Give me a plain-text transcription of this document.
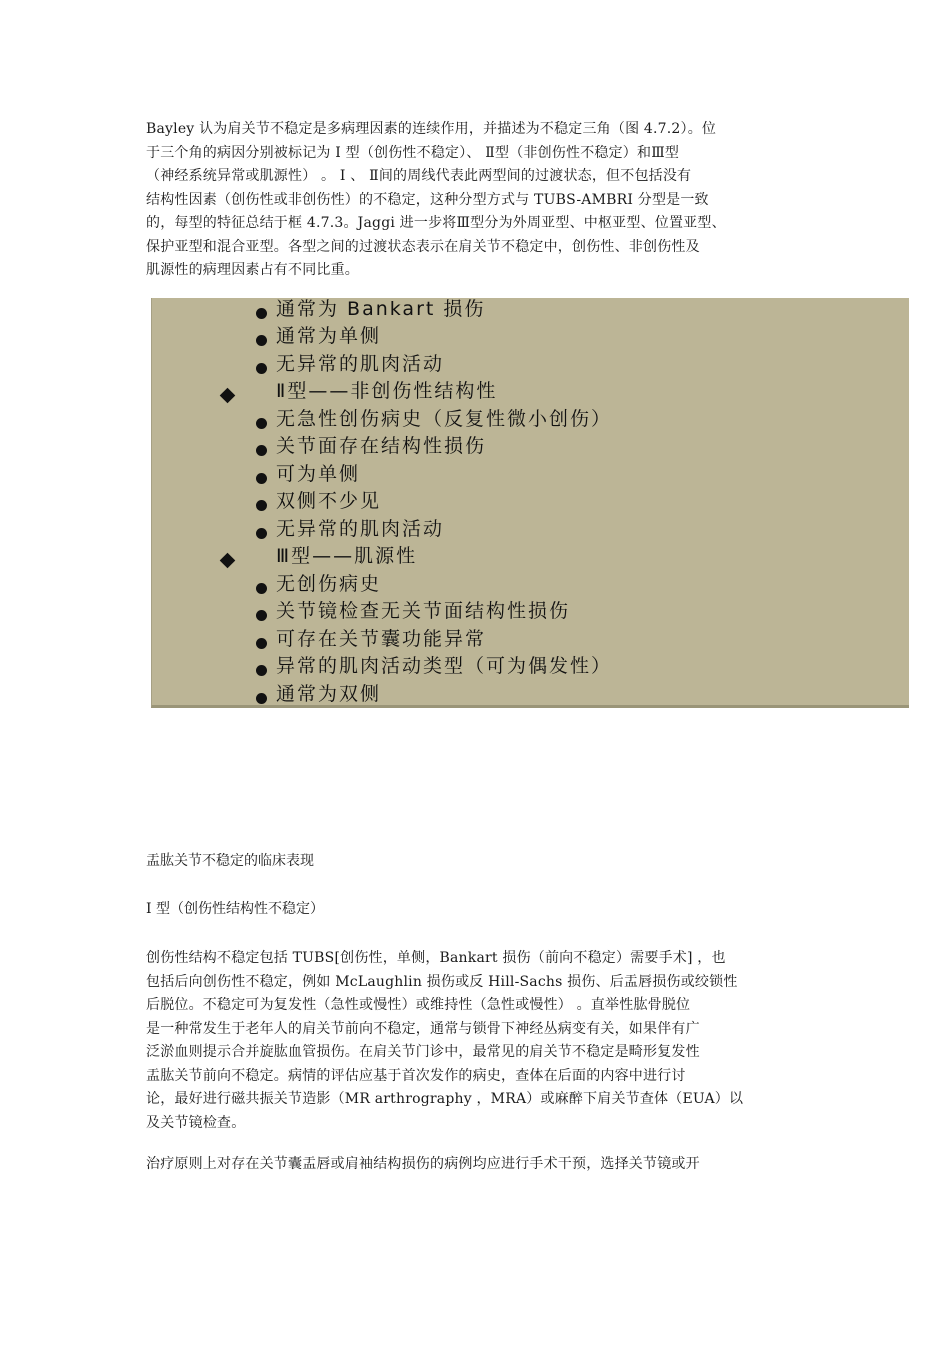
Bayley 认为肩关节不稳定是多病理因素的连续作用，并描述为不稳定三角（图 4.7.2）。位
于三个角的病因分别被标记为 Ⅰ 型（创伤性不稳定）、 Ⅱ型（非创伤性不稳定）和Ⅲ型
（神经系统异常或肌源性） 。 Ⅰ 、 Ⅱ间的周线代表此两型间的过渡状态，但不包括没有
结构性因素（创伤性或非创伤性）的不稳定，这种分型方式与 TUBS-AMBRI 分型是一致
的，每型的特征总结于框 4.7.3。Jaggi 进一步将Ⅲ型分为外周亚型、中枢亚型、位置亚型、
保护亚型和混合亚型。各型之间的过渡状态表示在肩关节不稳定中，创伤性、非创伤性及
肌源性的病理因素占有不同比重。
通常为 Bankart 损伤
通常为单侧
无异常的肌肉活动
Ⅱ型——非创伤性结构性
无急性创伤病史（反复性微小创伤）
关节面存在结构性损伤
可为单侧
双侧不少见
无异常的肌肉活动
Ⅲ型——肌源性
无创伤病史
关节镜检查无关节面结构性损伤
可存在关节囊功能异常
异常的肌肉活动类型（可为偶发性）
通常为双侧
盂肱关节不稳定的临床表现
Ⅰ 型（创伤性结构性不稳定）
创伤性结构不稳定包括 TUBS[创伤性，单侧，Bankart 损伤（前向不稳定）需要手术] ，也
包括后向创伤性不稳定，例如 McLaughlin 损伤或反 Hill-Sachs 损伤、后盂唇损伤或绞锁性
后脱位。不稳定可为复发性（急性或慢性）或维持性（急性或慢性） 。直举性肱骨脱位
是一种常发生于老年人的肩关节前向不稳定，通常与锁骨下神经丛病变有关，如果伴有广
泛淤血则提示合并旋肱血管损伤。在肩关节门诊中，最常见的肩关节不稳定是畸形复发性
盂肱关节前向不稳定。病情的评估应基于首次发作的病史，查体在后面的内容中进行讨
论，最好进行磁共振关节造影（MR arthrography ，MRA）或麻醉下肩关节查体（EUA）以
及关节镜检查。
治疗原则上对存在关节囊盂唇或肩袖结构损伤的病例均应进行手术干预，选择关节镜或开
